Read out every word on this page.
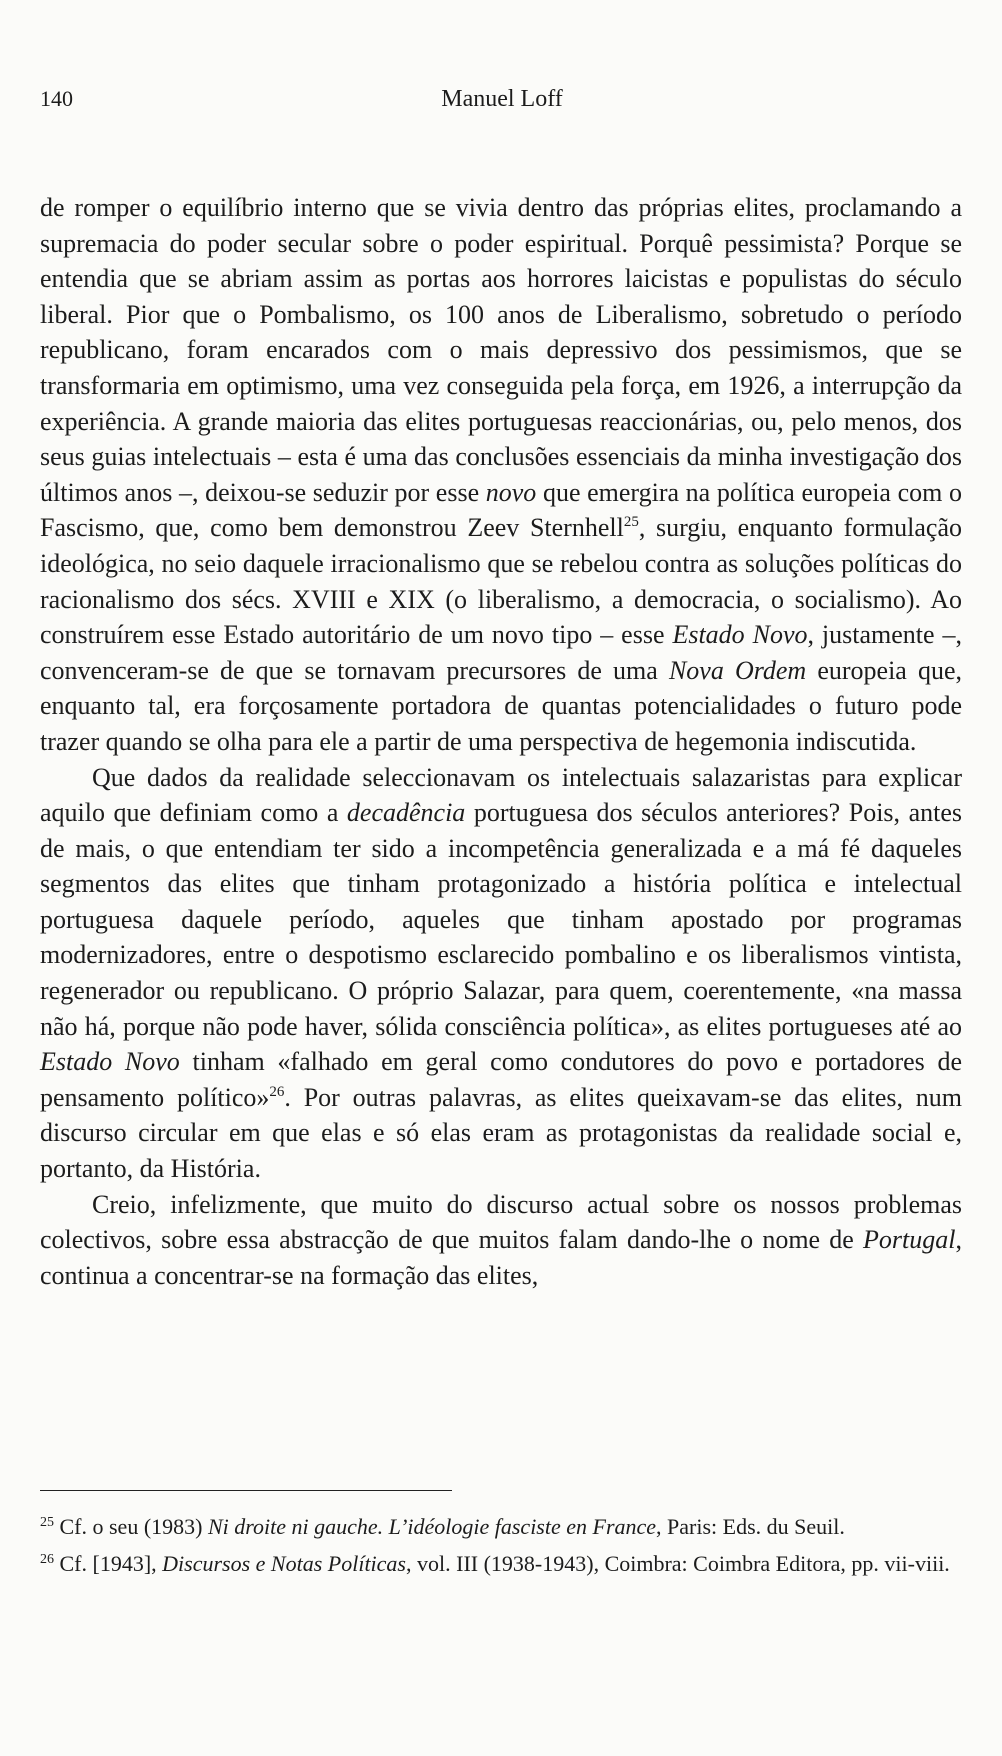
140	Manuel Loff

de romper o equilíbrio interno que se vivia dentro das próprias elites, proclamando a supremacia do poder secular sobre o poder espiritual. Porquê pessimista? Porque se entendia que se abriam assim as portas aos horrores laicistas e populistas do século liberal. Pior que o Pombalismo, os 100 anos de Liberalismo, sobretudo o período republicano, foram encarados com o mais depressivo dos pessimismos, que se transformaria em optimismo, uma vez conseguida pela força, em 1926, a interrupção da experiência. A grande maioria das elites portuguesas reaccionárias, ou, pelo menos, dos seus guias intelectuais – esta é uma das conclusões essenciais da minha investigação dos últimos anos –, deixou-se seduzir por esse novo que emergira na política europeia com o Fascismo, que, como bem demonstrou Zeev Sternhell$^{25}$, surgiu, enquanto formulação ideológica, no seio daquele irracionalismo que se rebelou contra as soluções políticas do racionalismo dos sécs. XVIII e XIX (o liberalismo, a democracia, o socialismo). Ao construírem esse Estado autoritário de um novo tipo – esse Estado Novo, justamente –, convenceram-se de que se tornavam precursores de uma Nova Ordem europeia que, enquanto tal, era forçosamente portadora de quantas potencialidades o futuro pode trazer quando se olha para ele a partir de uma perspectiva de hegemonia indiscutida.

Que dados da realidade seleccionavam os intelectuais salazaristas para explicar aquilo que definiam como a decadência portuguesa dos séculos anteriores? Pois, antes de mais, o que entendiam ter sido a incompetência generalizada e a má fé daqueles segmentos das elites que tinham protagonizado a história política e intelectual portuguesa daquele período, aqueles que tinham apostado por programas modernizadores, entre o despotismo esclarecido pombalino e os liberalismos vintista, regenerador ou republicano. O próprio Salazar, para quem, coerentemente, «na massa não há, porque não pode haver, sólida consciência política», as elites portugueses até ao Estado Novo tinham «falhado em geral como condutores do povo e portadores de pensamento político»$^{26}$. Por outras palavras, as elites queixavam-se das elites, num discurso circular em que elas e só elas eram as protagonistas da realidade social e, portanto, da História.

Creio, infelizmente, que muito do discurso actual sobre os nossos problemas colectivos, sobre essa abstracção de que muitos falam dando-lhe o nome de Portugal, continua a concentrar-se na formação das elites,

$^{25}$ Cf. o seu (1983) Ni droite ni gauche. L’idéologie fasciste en France, Paris: Eds. du Seuil.

$^{26}$ Cf. [1943], Discursos e Notas Políticas, vol. III (1938-1943), Coimbra: Coimbra Editora, pp. vii-viii.
